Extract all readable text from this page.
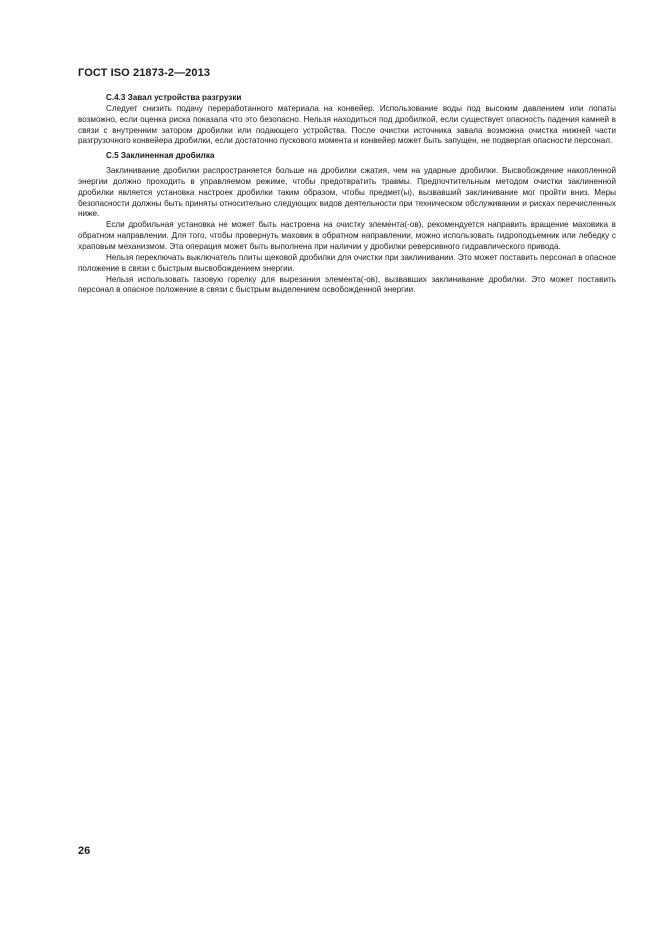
ГОСТ ISO 21873-2—2013

С.4.3 Завал устройства разгрузки

Следует снизить подачу переработанного материала на конвейер. Использование воды под высоким давлением или лопаты возможно, если оценка риска показала что это безопасно. Нельзя находиться под дробилкой, если существует опасность падения камней в связи с внутренним затором дробилки или подающего устройства. После очистки источника завала возможна очистка нижней части разгрузочного конвейера дробилки, если достаточно пускового момента и конвейер может быть запущен, не подвергая опасности персонал.

С.5 Заклиненная дробилка

Заклинивание дробилки распространяется больше на дробилки сжатия, чем на ударные дробилки. Высвобождение накопленной энергии должно проходить в управляемом режиме, чтобы предотвратить травмы. Предпочтительным методом очистки заклиненной дробилки является установка настроек дробилки таким образом, чтобы предмет(ы), вызвавший заклинивание мог пройти вниз. Меры безопасности должны быть приняты относительно следующих видов деятельности при техническом обслуживании и рисках перечисленных ниже.

Если дробильная установка не может быть настроена на очистку элемента(-ов), рекомендуется направить вращение маховика в обратном направлении. Для того, чтобы провернуть маховик в обратном направлении, можно использовать гидроподъемник или лебедку с храповым механизмом. Эта операция может быть выполнена при наличии у дробилки реверсивного гидравлического привода.

Нельзя переключать выключатель плиты щековой дробилки для очистки при заклинивании. Это может поставить персонал в опасное положение в связи с быстрым высвобождением энергии.

Нельзя использовать газовую горелку для вырезания элемента(-ов), вызвавших заклинивание дробилки. Это может поставить персонал в опасное положение в связи с быстрым выделением освобожденной энергии.

26
